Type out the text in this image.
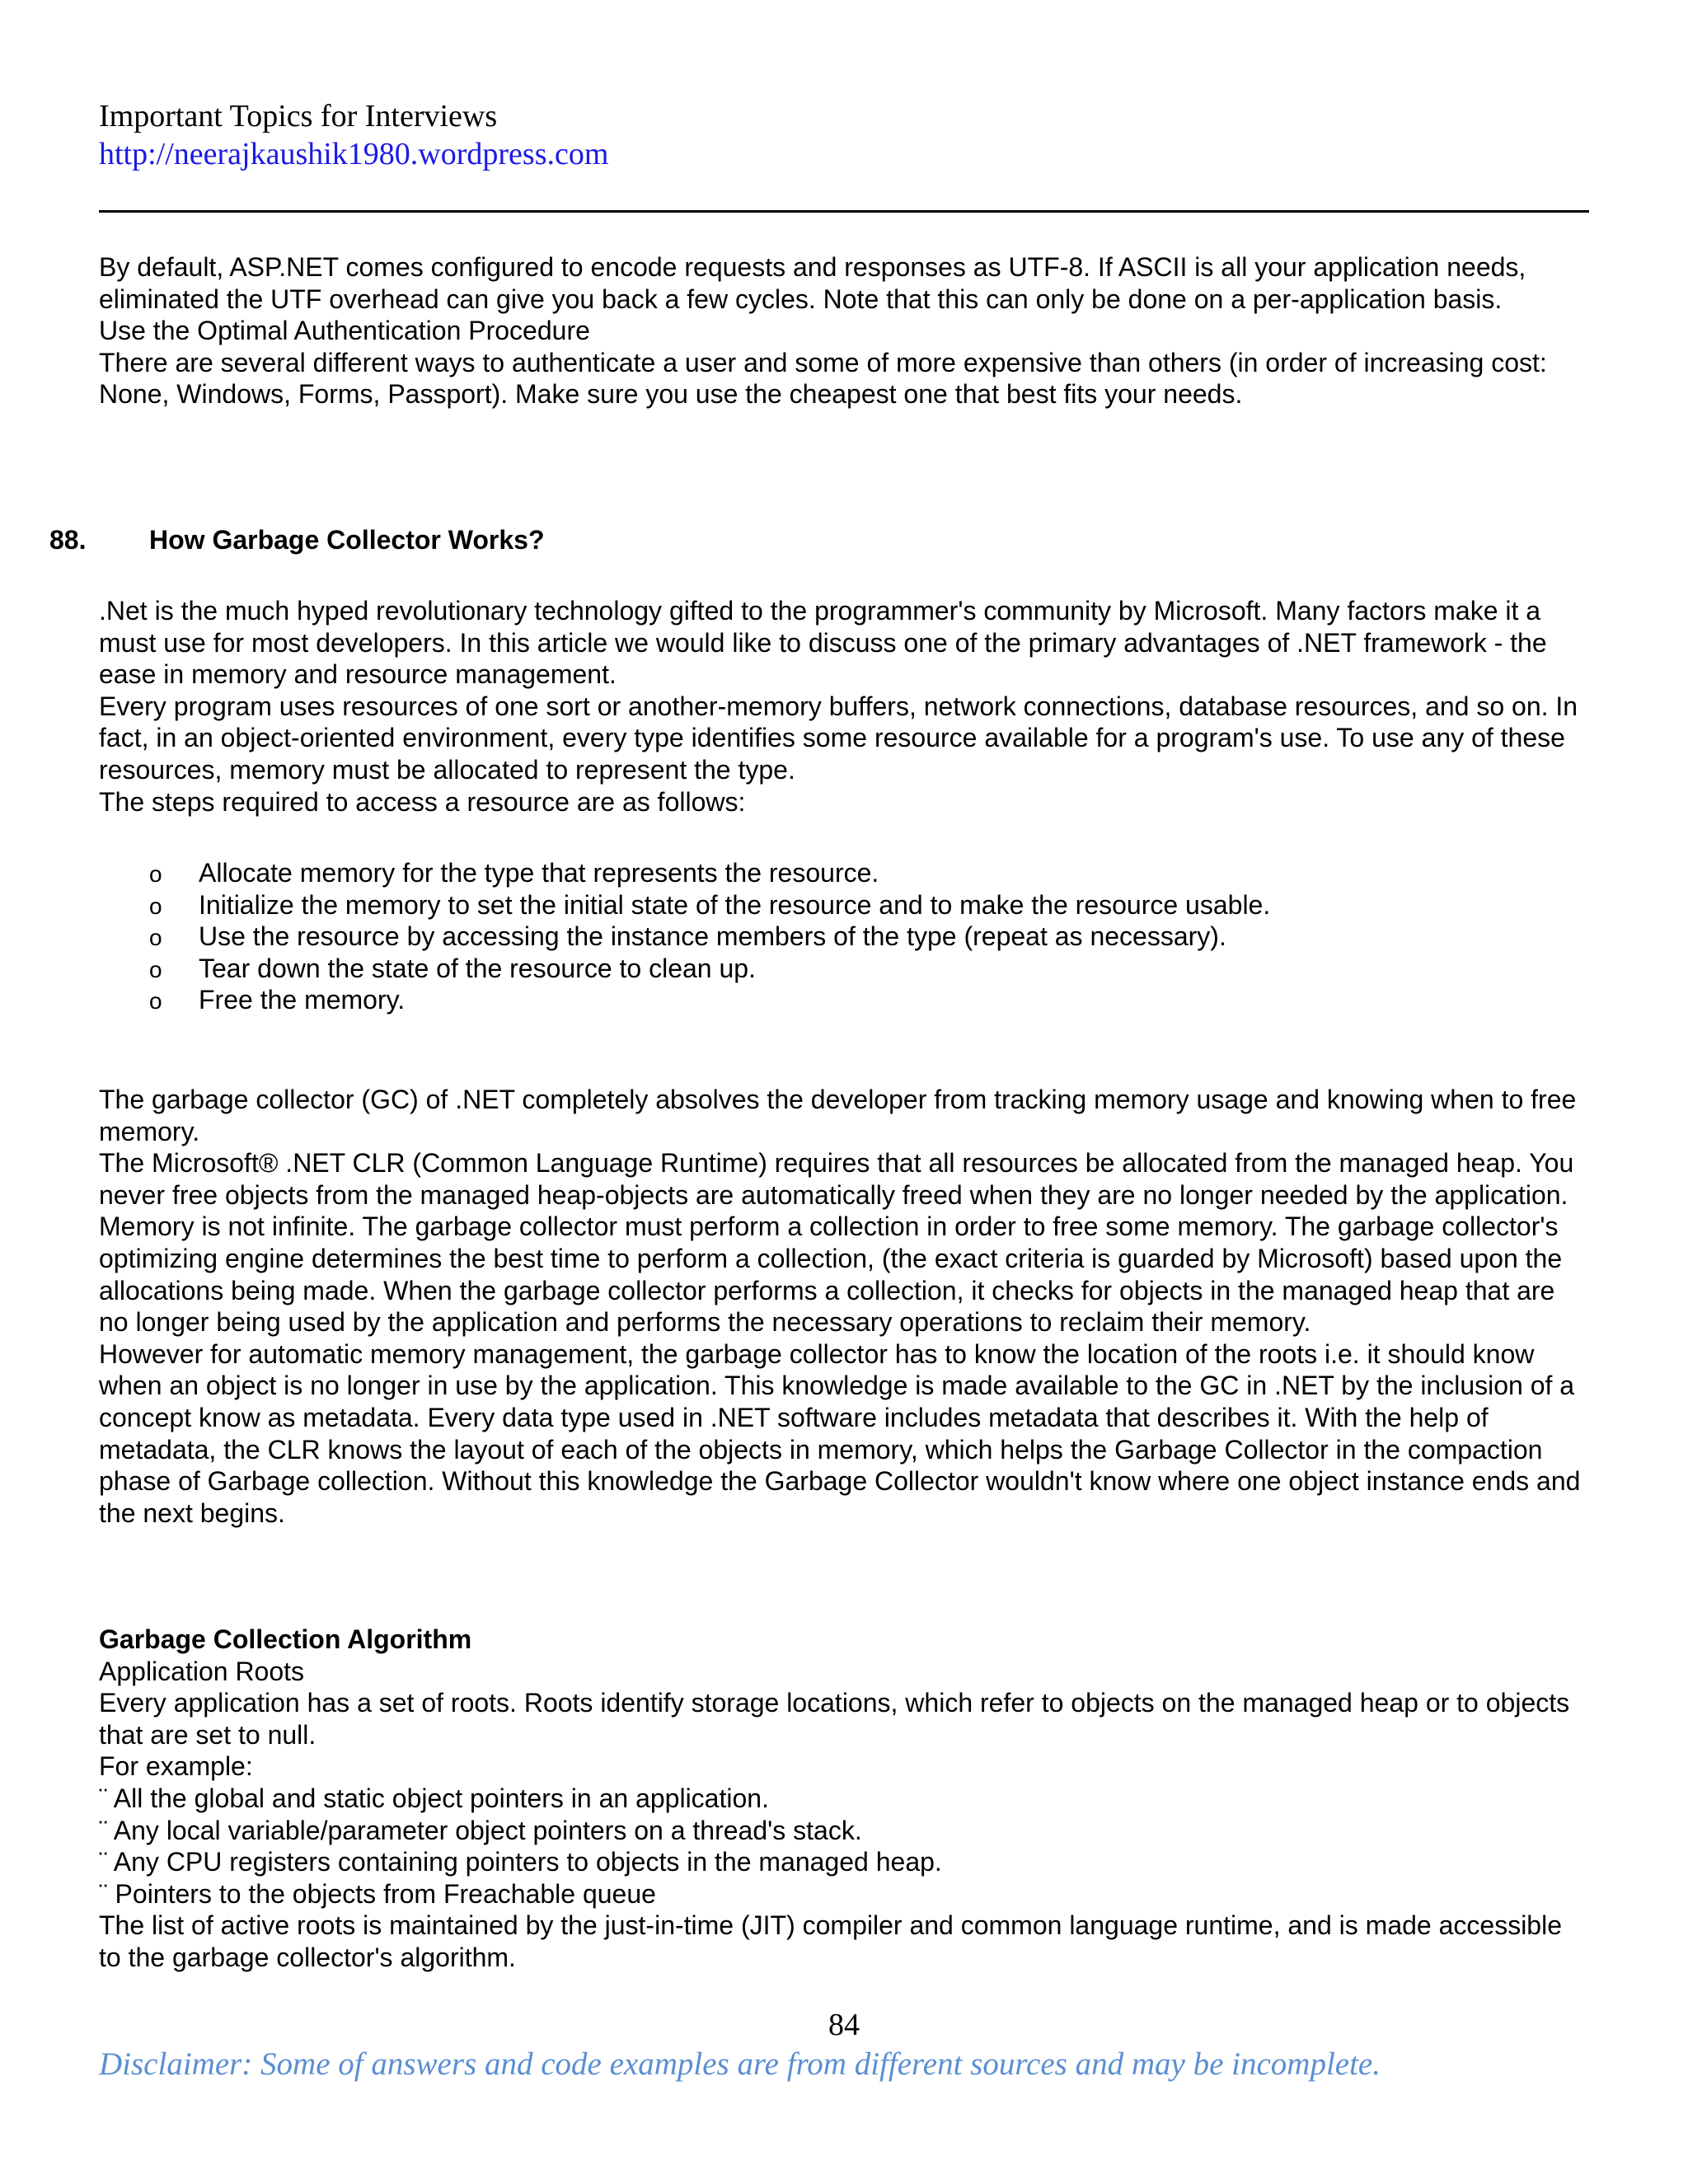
Important Topics for Interviews
http://neerajkaushik1980.wordpress.com

By default, ASP.NET comes configured to encode requests and responses as UTF-8. If ASCII is all your application needs, eliminated the UTF overhead can give you back a few cycles. Note that this can only be done on a per-application basis.

Use the Optimal Authentication Procedure

There are several different ways to authenticate a user and some of more expensive than others (in order of increasing cost: None, Windows, Forms, Passport). Make sure you use the cheapest one that best fits your needs.

88. How Garbage Collector Works?

.Net is the much hyped revolutionary technology gifted to the programmer's community by Microsoft. Many factors make it a must use for most developers. In this article we would like to discuss one of the primary advantages of .NET framework - the ease in memory and resource management.

Every program uses resources of one sort or another-memory buffers, network connections, database resources, and so on. In fact, in an object-oriented environment, every type identifies some resource available for a program's use. To use any of these resources, memory must be allocated to represent the type.

The steps required to access a resource are as follows:

o Allocate memory for the type that represents the resource.
o Initialize the memory to set the initial state of the resource and to make the resource usable.
o Use the resource by accessing the instance members of the type (repeat as necessary).
o Tear down the state of the resource to clean up.
o Free the memory.

The garbage collector (GC) of .NET completely absolves the developer from tracking memory usage and knowing when to free memory.

The Microsoft® .NET CLR (Common Language Runtime) requires that all resources be allocated from the managed heap. You never free objects from the managed heap-objects are automatically freed when they are no longer needed by the application.

Memory is not infinite. The garbage collector must perform a collection in order to free some memory. The garbage collector's optimizing engine determines the best time to perform a collection, (the exact criteria is guarded by Microsoft) based upon the allocations being made. When the garbage collector performs a collection, it checks for objects in the managed heap that are no longer being used by the application and performs the necessary operations to reclaim their memory.

However for automatic memory management, the garbage collector has to know the location of the roots i.e. it should know when an object is no longer in use by the application. This knowledge is made available to the GC in .NET by the inclusion of a concept know as metadata. Every data type used in .NET software includes metadata that describes it. With the help of metadata, the CLR knows the layout of each of the objects in memory, which helps the Garbage Collector in the compaction phase of Garbage collection. Without this knowledge the Garbage Collector wouldn't know where one object instance ends and the next begins.

Garbage Collection Algorithm

Application Roots

Every application has a set of roots. Roots identify storage locations, which refer to objects on the managed heap or to objects that are set to null.

For example:

¨ All the global and static object pointers in an application.

¨ Any local variable/parameter object pointers on a thread's stack.

¨ Any CPU registers containing pointers to objects in the managed heap.

¨ Pointers to the objects from Freachable queue

The list of active roots is maintained by the just-in-time (JIT) compiler and common language runtime, and is made accessible to the garbage collector's algorithm.

84
Disclaimer: Some of answers and code examples are from different sources and may be incomplete.
